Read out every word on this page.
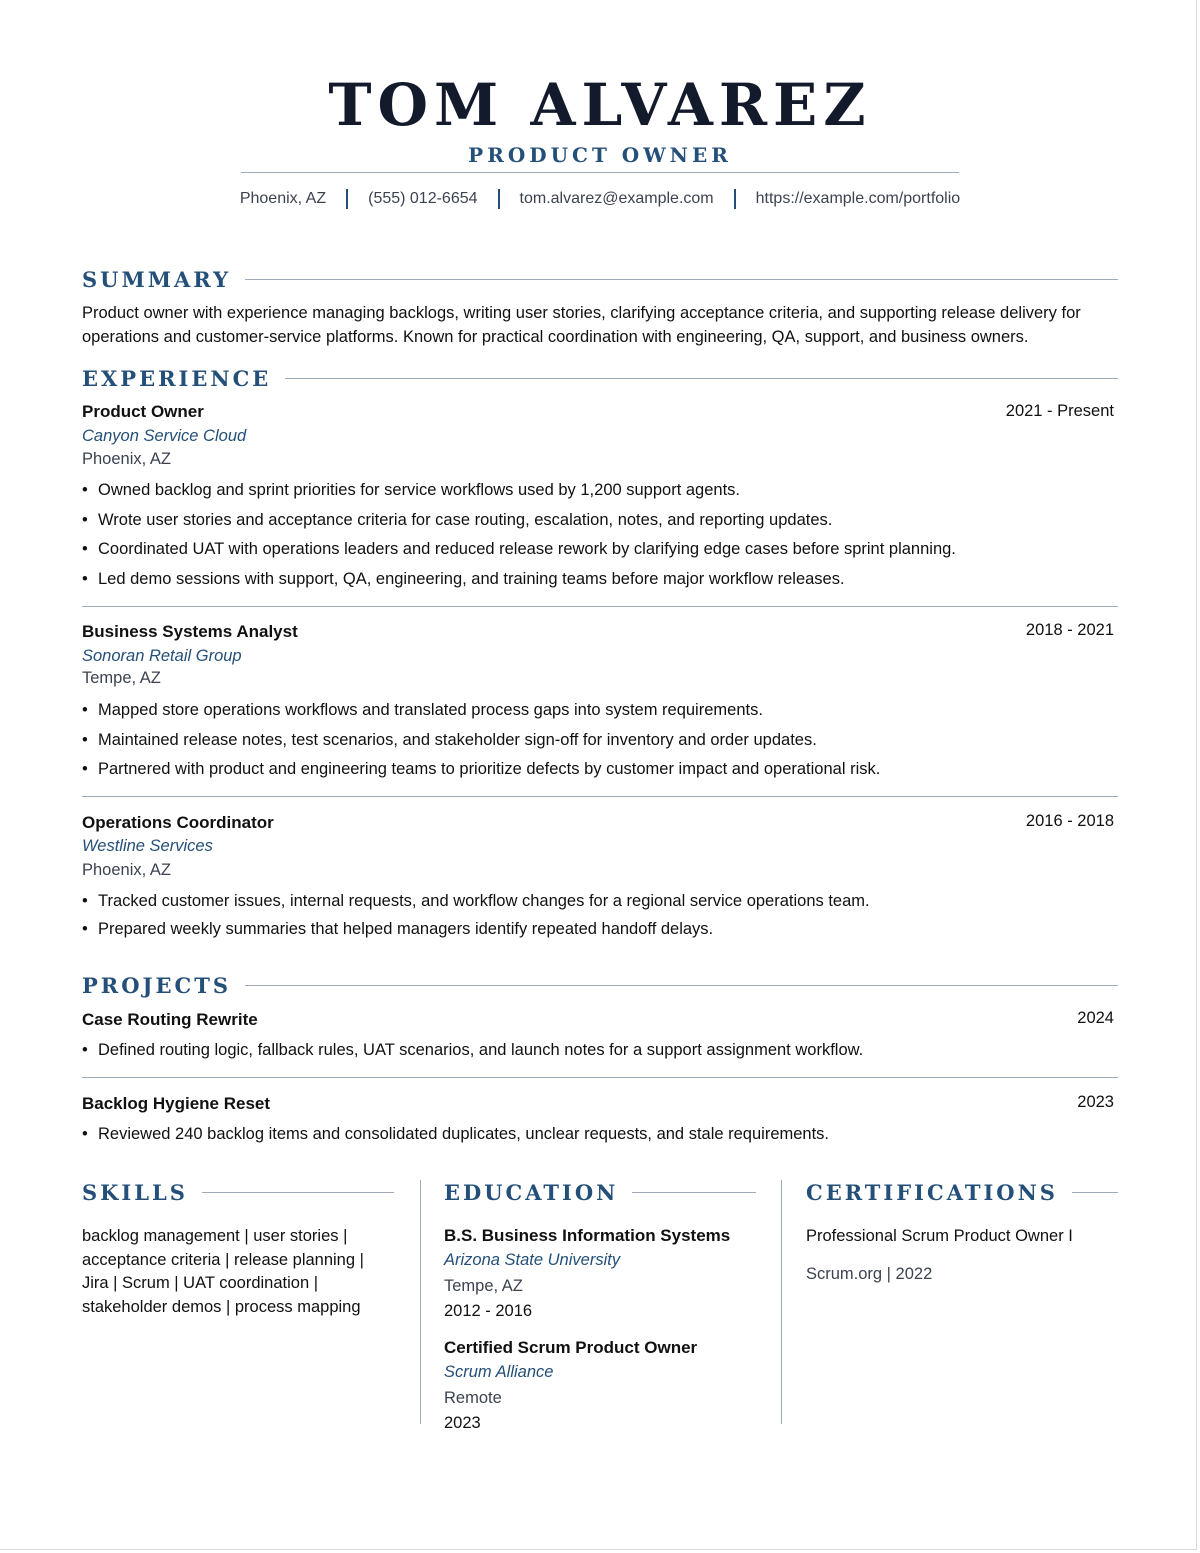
TOM ALVAREZ
PRODUCT OWNER
Phoenix, AZ	(555) 012-6654	tom.alvarez@example.com	https://example.com/portfolio
SUMMARY
Product owner with experience managing backlogs, writing user stories, clarifying acceptance criteria, and supporting release delivery for operations and customer-service platforms. Known for practical coordination with engineering, QA, support, and business owners.
EXPERIENCE
Product Owner	2021 - Present
Canyon Service Cloud
Phoenix, AZ
• Owned backlog and sprint priorities for service workflows used by 1,200 support agents.
• Wrote user stories and acceptance criteria for case routing, escalation, notes, and reporting updates.
• Coordinated UAT with operations leaders and reduced release rework by clarifying edge cases before sprint planning.
• Led demo sessions with support, QA, engineering, and training teams before major workflow releases.
Business Systems Analyst	2018 - 2021
Sonoran Retail Group
Tempe, AZ
• Mapped store operations workflows and translated process gaps into system requirements.
• Maintained release notes, test scenarios, and stakeholder sign-off for inventory and order updates.
• Partnered with product and engineering teams to prioritize defects by customer impact and operational risk.
Operations Coordinator	2016 - 2018
Westline Services
Phoenix, AZ
• Tracked customer issues, internal requests, and workflow changes for a regional service operations team.
• Prepared weekly summaries that helped managers identify repeated handoff delays.
PROJECTS
Case Routing Rewrite	2024
• Defined routing logic, fallback rules, UAT scenarios, and launch notes for a support assignment workflow.
Backlog Hygiene Reset	2023
• Reviewed 240 backlog items and consolidated duplicates, unclear requests, and stale requirements.
SKILLS
backlog management | user stories |
acceptance criteria | release planning |
Jira | Scrum | UAT coordination |
stakeholder demos | process mapping
EDUCATION
B.S. Business Information Systems
Arizona State University
Tempe, AZ
2012 - 2016
Certified Scrum Product Owner
Scrum Alliance
Remote
2023
CERTIFICATIONS
Professional Scrum Product Owner I
Scrum.org | 2022
